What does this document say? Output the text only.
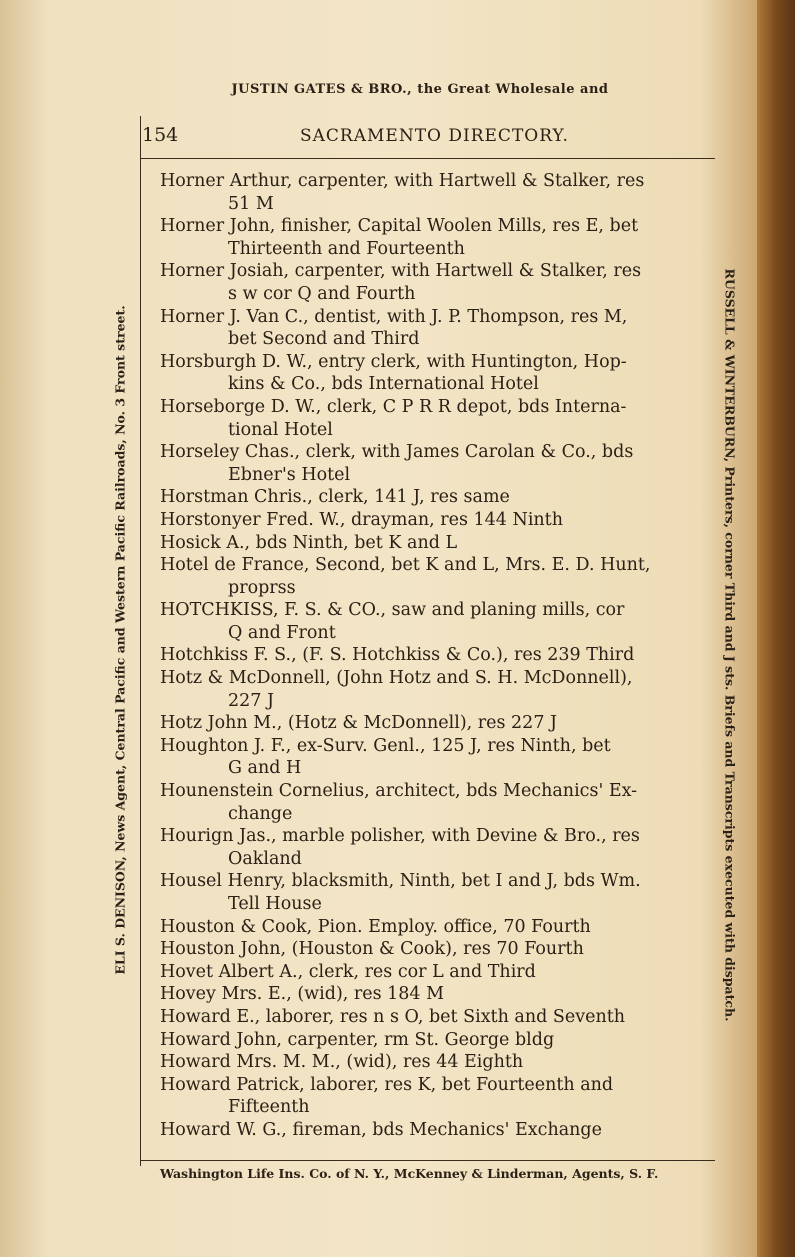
JUSTIN GATES & BRO., the Great Wholesale and
154	SACRAMENTO DIRECTORY.
ELI S. DENISON, News Agent, Central Pacific and Western Pacific Railroads, No. 3 Front street.	RUSSELL & WINTERBURN, Printers, corner Third and J sts. Briefs and Transcripts executed with dispatch.
Horner Arthur, carpenter, with Hartwell & Stalker, res
51 M
Horner John, finisher, Capital Woolen Mills, res E, bet
Thirteenth and Fourteenth
Horner Josiah, carpenter, with Hartwell & Stalker, res
s w cor Q and Fourth
Horner J. Van C., dentist, with J. P. Thompson, res M,
bet Second and Third
Horsburgh D. W., entry clerk, with Huntington, Hop-
kins & Co., bds International Hotel
Horseborge D. W., clerk, C P R R depot, bds Interna-
tional Hotel
Horseley Chas., clerk, with James Carolan & Co., bds
Ebner's Hotel
Horstman Chris., clerk, 141 J, res same
Horstonyer Fred. W., drayman, res 144 Ninth
Hosick A., bds Ninth, bet K and L
Hotel de France, Second, bet K and L, Mrs. E. D. Hunt,
proprss
HOTCHKISS, F. S. & CO., saw and planing mills, cor
Q and Front
Hotchkiss F. S., (F. S. Hotchkiss & Co.), res 239 Third
Hotz & McDonnell, (John Hotz and S. H. McDonnell),
227 J
Hotz John M., (Hotz & McDonnell), res 227 J
Houghton J. F., ex-Surv. Genl., 125 J, res Ninth, bet
G and H
Hounenstein Cornelius, architect, bds Mechanics' Ex-
change
Hourign Jas., marble polisher, with Devine & Bro., res
Oakland
Housel Henry, blacksmith, Ninth, bet I and J, bds Wm.
Tell House
Houston & Cook, Pion. Employ. office, 70 Fourth
Houston John, (Houston & Cook), res 70 Fourth
Hovet Albert A., clerk, res cor L and Third
Hovey Mrs. E., (wid), res 184 M
Howard E., laborer, res n s O, bet Sixth and Seventh
Howard John, carpenter, rm St. George bldg
Howard Mrs. M. M., (wid), res 44 Eighth
Howard Patrick, laborer, res K, bet Fourteenth and
Fifteenth
Howard W. G., fireman, bds Mechanics' Exchange
Washington Life Ins. Co. of N. Y., McKenney & Linderman, Agents, S. F.
